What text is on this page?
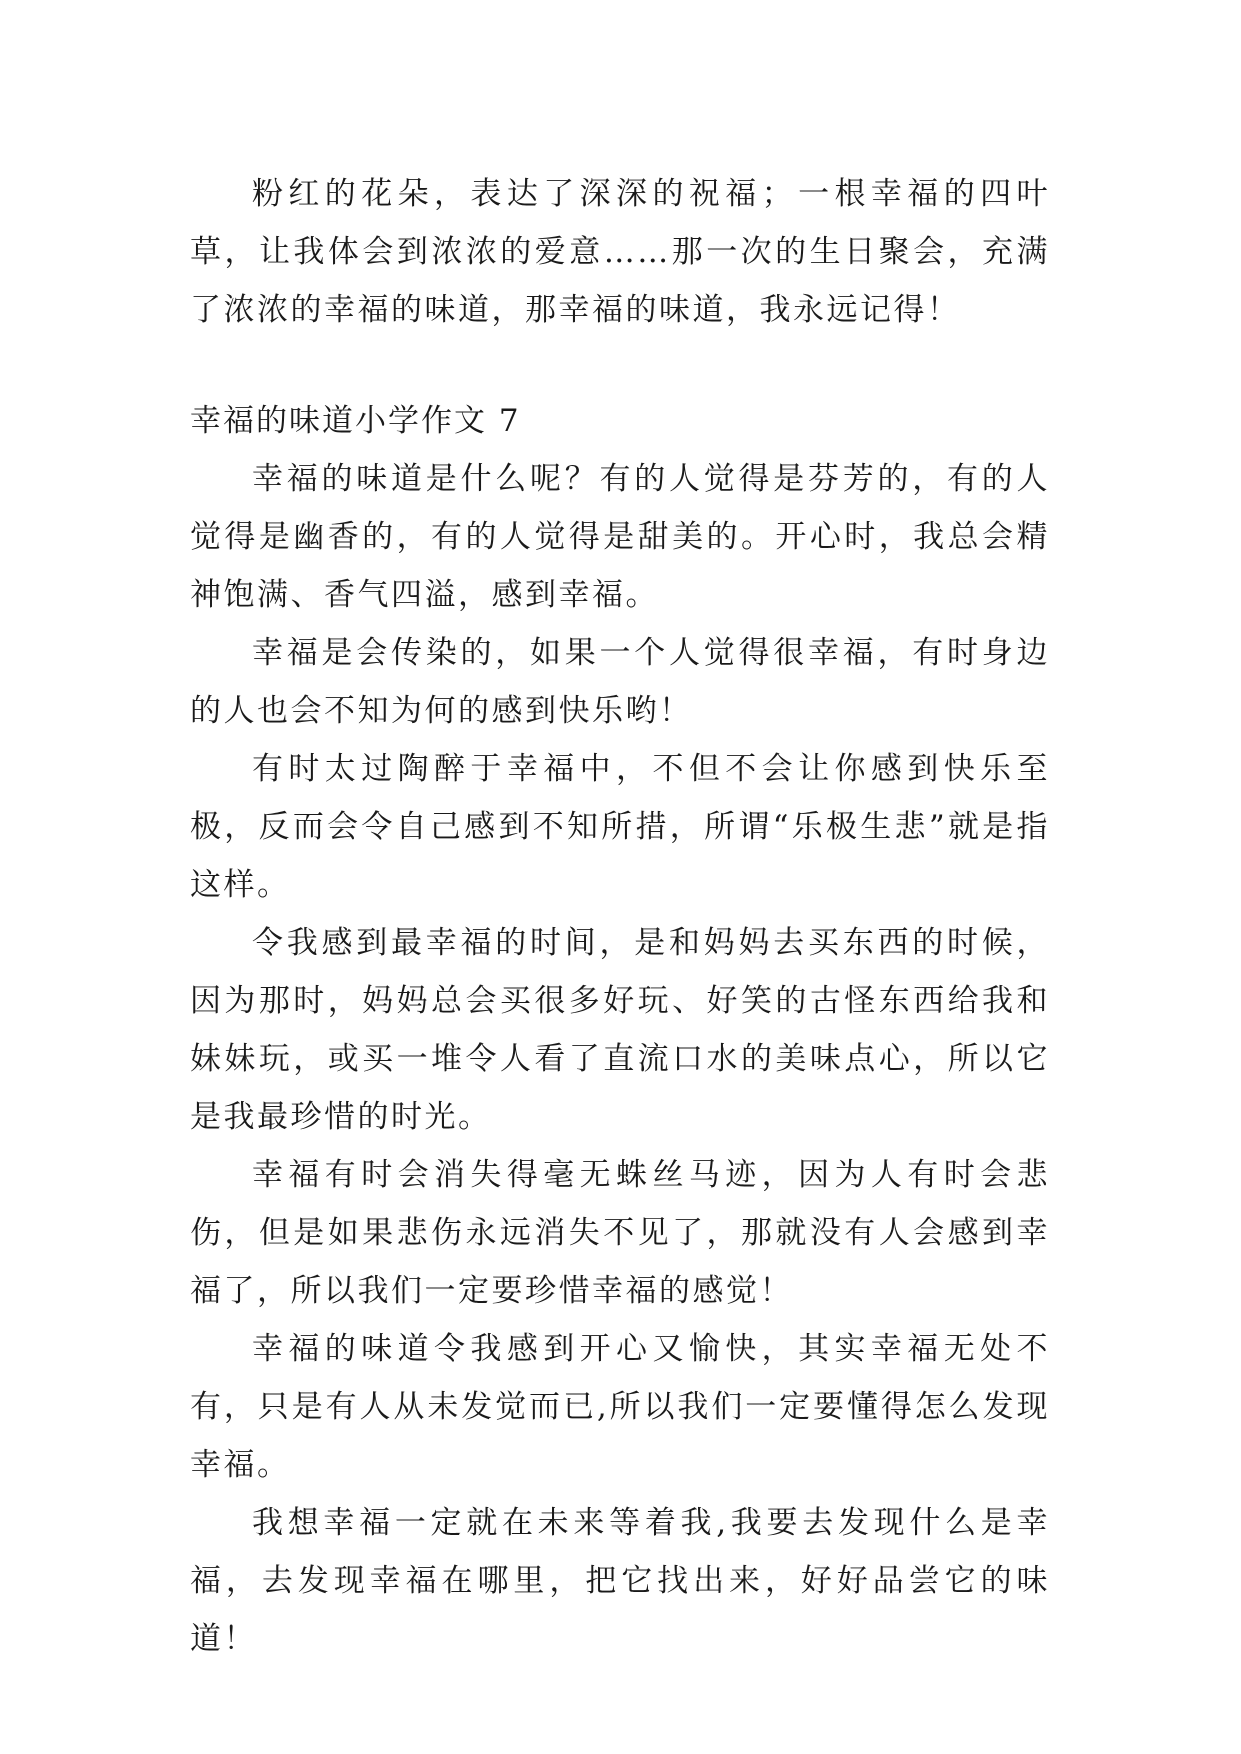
粉红的花朵，表达了深深的祝福；一根幸福的四叶草，让我体会到浓浓的爱意……那一次的生日聚会，充满了浓浓的幸福的味道，那幸福的味道，我永远记得！

幸福的味道小学作文 7

幸福的味道是什么呢？有的人觉得是芬芳的，有的人觉得是幽香的，有的人觉得是甜美的。开心时，我总会精神饱满、香气四溢，感到幸福。

幸福是会传染的，如果一个人觉得很幸福，有时身边的人也会不知为何的感到快乐哟！

有时太过陶醉于幸福中，不但不会让你感到快乐至极，反而会令自己感到不知所措，所谓“乐极生悲”就是指这样。

令我感到最幸福的时间，是和妈妈去买东西的时候，因为那时，妈妈总会买很多好玩、好笑的古怪东西给我和妹妹玩，或买一堆令人看了直流口水的美味点心，所以它是我最珍惜的时光。

幸福有时会消失得毫无蛛丝马迹，因为人有时会悲伤，但是如果悲伤永远消失不见了，那就没有人会感到幸福了，所以我们一定要珍惜幸福的感觉！

幸福的味道令我感到开心又愉快，其实幸福无处不有，只是有人从未发觉而已,所以我们一定要懂得怎么发现幸福。

我想幸福一定就在未来等着我,我要去发现什么是幸福，去发现幸福在哪里，把它找出来，好好品尝它的味道！
